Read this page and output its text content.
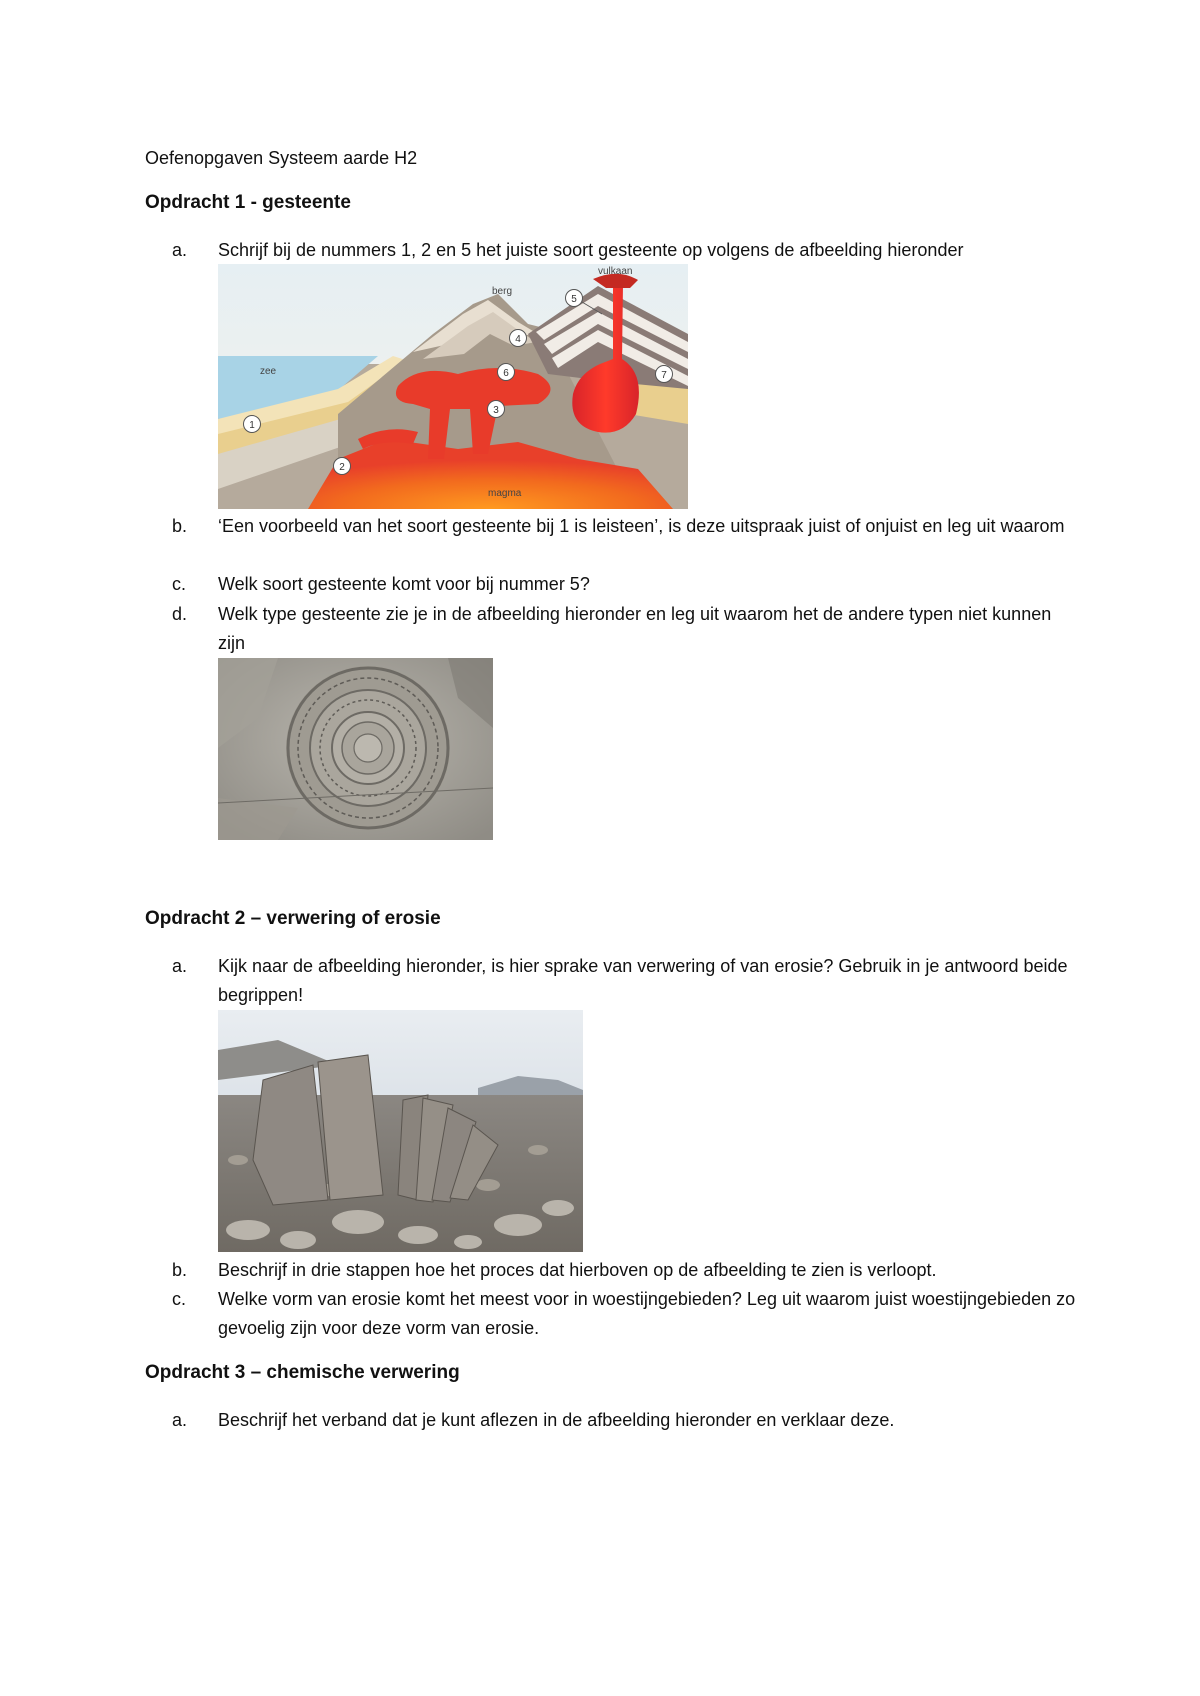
Oefenopgaven Systeem aarde H2
Opdracht 1 - gesteente
a. Schrijf bij de nummers 1, 2 en 5 het juiste soort gesteente op volgens de afbeelding hieronder
1
2
3
4
5
6	7
vulkaan
berg
zee
magma
b. ‘Een voorbeeld van het soort gesteente bij 1 is leisteen’, is deze uitspraak juist of onjuist en leg uit waarom
c. Welk soort gesteente komt voor bij nummer 5?
d. Welk type gesteente zie je in de afbeelding hieronder en leg uit waarom het de andere typen niet kunnen zijn
Opdracht 2 – verwering of erosie
a. Kijk naar de afbeelding hieronder, is hier sprake van verwering of van erosie? Gebruik in je antwoord beide begrippen!
b. Beschrijf in drie stappen hoe het proces dat hierboven op de afbeelding te zien is verloopt.
c. Welke vorm van erosie komt het meest voor in woestijngebieden? Leg uit waarom juist woestijngebieden zo gevoelig zijn voor deze vorm van erosie.
Opdracht 3 – chemische verwering
a. Beschrijf het verband dat je kunt aflezen in de afbeelding hieronder en verklaar deze.
